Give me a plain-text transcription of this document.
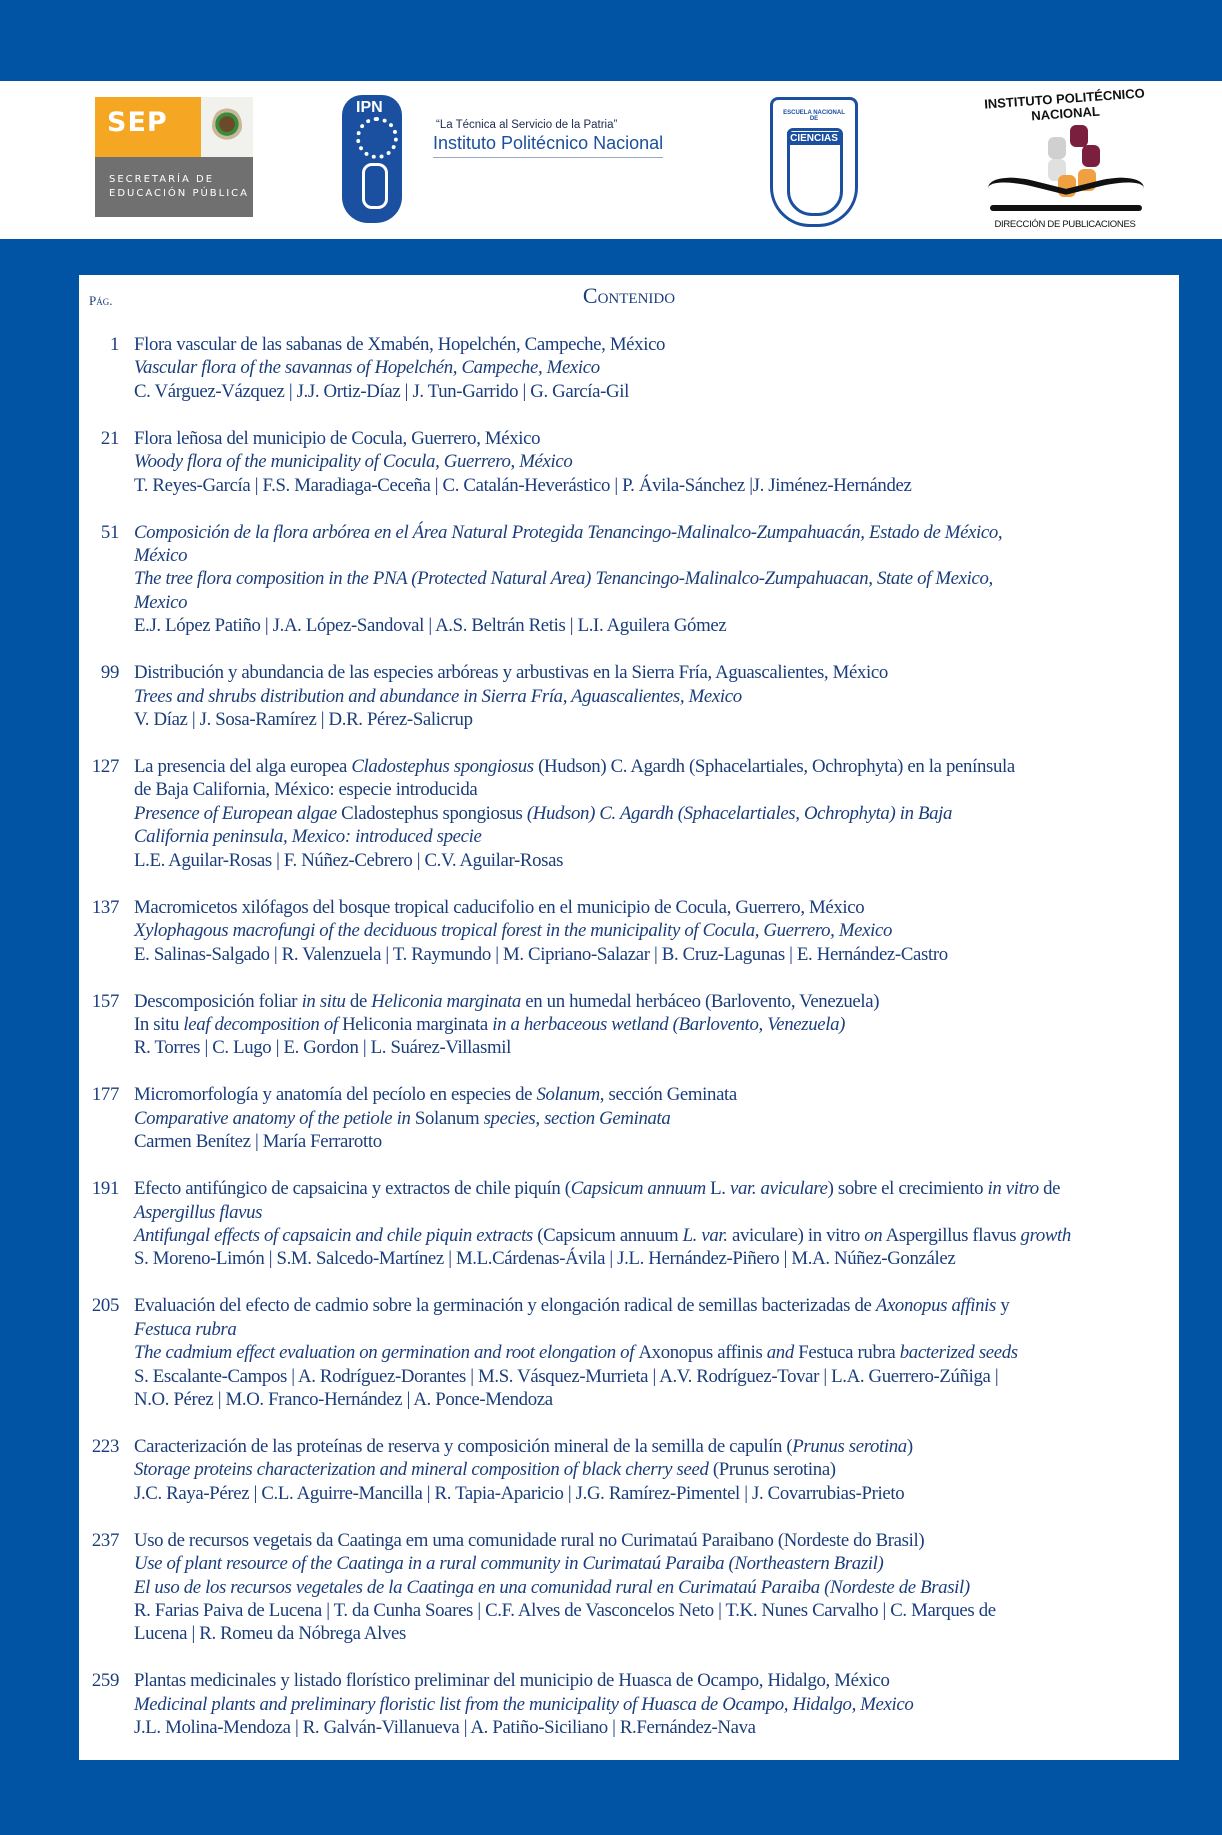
SEP
SECRETARÍA DE
EDUCACIÓN PÚBLICA
IPN
“La Técnica al Servicio de la Patria”
Instituto Politécnico Nacional
ESCUELA NACIONAL DE
CIENCIAS
INSTITUTO POLITÉCNICO NACIONAL
DIRECCIÓN DE PUBLICACIONES
Pág.	Contenido
1 Flora vascular de las sabanas de Xmabén, Hopelchén, Campeche, México
Vascular flora of the savannas of Hopelchén, Campeche, Mexico
C. Várguez-Vázquez | J.J. Ortiz-Díaz | J. Tun-Garrido | G. García-Gil
21 Flora leñosa del municipio de Cocula, Guerrero, México
Woody flora of the municipality of Cocula, Guerrero, México
T. Reyes-García | F.S. Maradiaga-Ceceña | C. Catalán-Heverástico | P. Ávila-Sánchez |J. Jiménez-Hernández
51 Composición de la flora arbórea en el Área Natural Protegida Tenancingo-Malinalco-Zumpahuacán, Estado de México,
México
The tree flora composition in the PNA (Protected Natural Area) Tenancingo-Malinalco-Zumpahuacan, State of Mexico,
Mexico
E.J. López Patiño | J.A. López-Sandoval | A.S. Beltrán Retis | L.I. Aguilera Gómez
99 Distribución y abundancia de las especies arbóreas y arbustivas en la Sierra Fría, Aguascalientes, México
Trees and shrubs distribution and abundance in Sierra Fría, Aguascalientes, Mexico
V. Díaz | J. Sosa-Ramírez | D.R. Pérez-Salicrup
127 La presencia del alga europea Cladostephus spongiosus (Hudson) C. Agardh (Sphacelartiales, Ochrophyta) en la península
de Baja California, México: especie introducida
Presence of European algae Cladostephus spongiosus (Hudson) C. Agardh (Sphacelartiales, Ochrophyta) in Baja
California peninsula, Mexico: introduced specie
L.E. Aguilar-Rosas | F. Núñez-Cebrero | C.V. Aguilar-Rosas
137 Macromicetos xilófagos del bosque tropical caducifolio en el municipio de Cocula, Guerrero, México
Xylophagous macrofungi of the deciduous tropical forest in the municipality of Cocula, Guerrero, Mexico
E. Salinas-Salgado | R. Valenzuela | T. Raymundo | M. Cipriano-Salazar | B. Cruz-Lagunas | E. Hernández-Castro
157 Descomposición foliar in situ de Heliconia marginata en un humedal herbáceo (Barlovento, Venezuela)
In situ leaf decomposition of Heliconia marginata in a herbaceous wetland (Barlovento, Venezuela)
R. Torres | C. Lugo | E. Gordon | L. Suárez-Villasmil
177 Micromorfología y anatomía del pecíolo en especies de Solanum, sección Geminata
Comparative anatomy of the petiole in Solanum species, section Geminata
Carmen Benítez | María Ferrarotto
191 Efecto antifúngico de capsaicina y extractos de chile piquín (Capsicum annuum L. var. aviculare) sobre el crecimiento in vitro de
Aspergillus flavus
Antifungal effects of capsaicin and chile piquin extracts (Capsicum annuum L. var. aviculare) in vitro on Aspergillus flavus growth
S. Moreno-Limón | S.M. Salcedo-Martínez | M.L.Cárdenas-Ávila | J.L. Hernández-Piñero | M.A. Núñez-González
205 Evaluación del efecto de cadmio sobre la germinación y elongación radical de semillas bacterizadas de Axonopus affinis y
Festuca rubra
The cadmium effect evaluation on germination and root elongation of Axonopus affinis and Festuca rubra bacterized seeds
S. Escalante-Campos | A. Rodríguez-Dorantes | M.S. Vásquez-Murrieta | A.V. Rodríguez-Tovar | L.A. Guerrero-Zúñiga |
N.O. Pérez | M.O. Franco-Hernández | A. Ponce-Mendoza
223 Caracterización de las proteínas de reserva y composición mineral de la semilla de capulín (Prunus serotina)
Storage proteins characterization and mineral composition of black cherry seed (Prunus serotina)
J.C. Raya-Pérez | C.L. Aguirre-Mancilla | R. Tapia-Aparicio | J.G. Ramírez-Pimentel | J. Covarrubias-Prieto
237 Uso de recursos vegetais da Caatinga em uma comunidade rural no Curimataú Paraibano (Nordeste do Brasil)
Use of plant resource of the Caatinga in a rural community in Curimataú Paraiba (Northeastern Brazil)
El uso de los recursos vegetales de la Caatinga en una comunidad rural en Curimataú Paraiba (Nordeste de Brasil)
R. Farias Paiva de Lucena | T. da Cunha Soares | C.F. Alves de Vasconcelos Neto | T.K. Nunes Carvalho | C. Marques de
Lucena | R. Romeu da Nóbrega Alves
259 Plantas medicinales y listado florístico preliminar del municipio de Huasca de Ocampo, Hidalgo, México
Medicinal plants and preliminary floristic list from the municipality of Huasca de Ocampo, Hidalgo, Mexico
J.L. Molina-Mendoza | R. Galván-Villanueva | A. Patiño-Siciliano | R.Fernández-Nava
